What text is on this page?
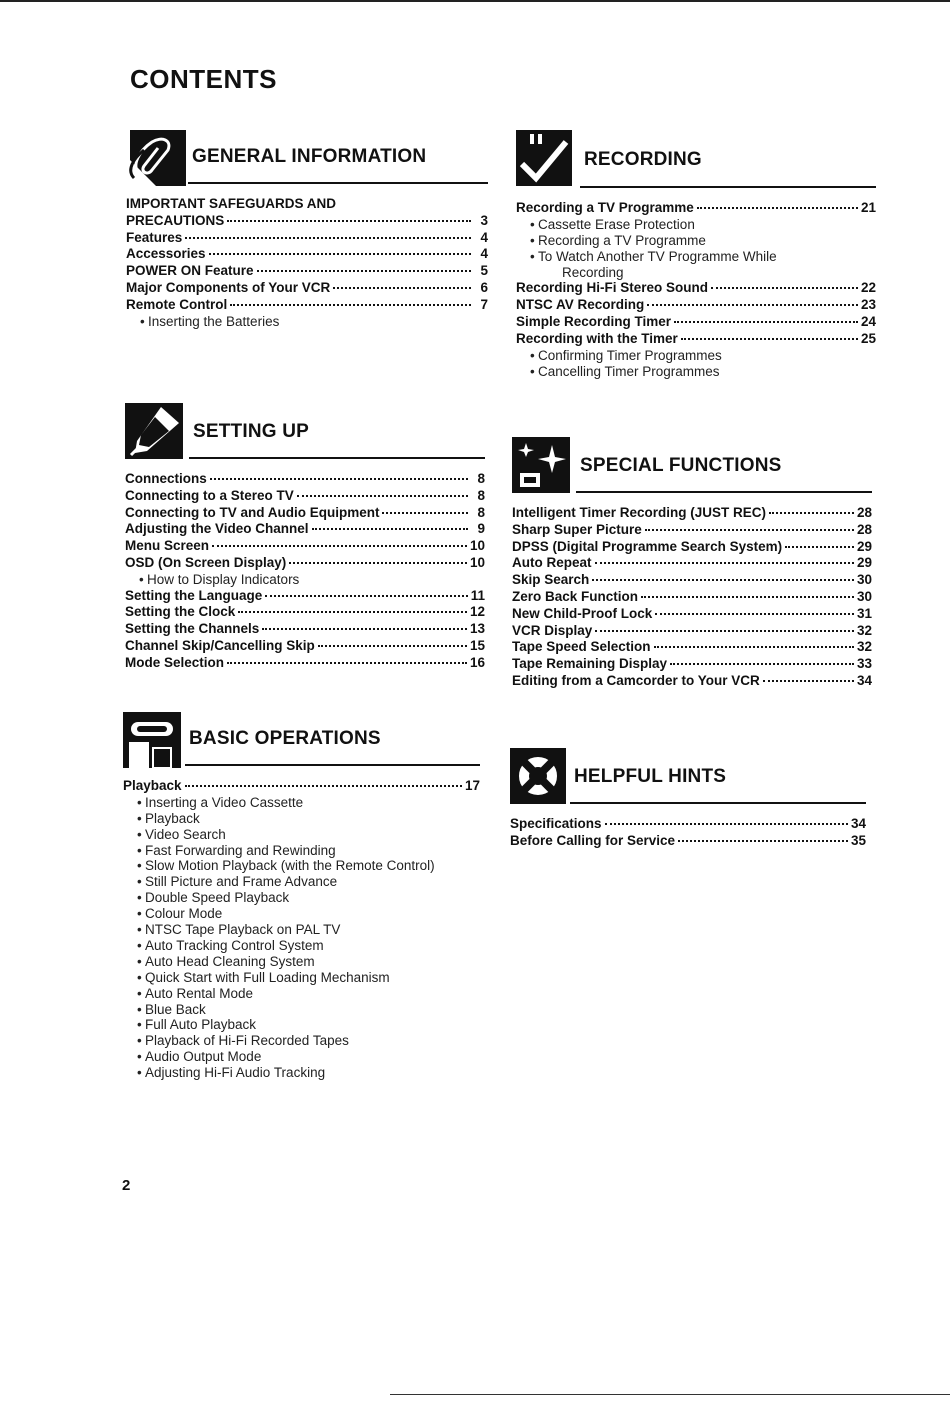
CONTENTS
GENERAL INFORMATION
IMPORTANT SAFEGUARDS AND
PRECAUTIONS	3
Features	4
Accessories	4
POWER ON Feature	5
Major Components of Your VCR	6
Remote Control	7
• Inserting the Batteries
RECORDING
Recording a TV Programme	21
• Cassette Erase Protection
• Recording a TV Programme
• To Watch Another TV Programme While
Recording
Recording Hi-Fi Stereo Sound	22
NTSC AV Recording	23
Simple Recording Timer	24
Recording with the Timer	25
• Confirming Timer Programmes
• Cancelling Timer Programmes
SETTING UP
Connections	8
Connecting to a Stereo TV	8
Connecting to TV and Audio Equipment	8
Adjusting the Video Channel	9
Menu Screen	10
OSD (On Screen Display)	10
• How to Display Indicators
Setting the Language	11
Setting the Clock	12
Setting the Channels	13
Channel Skip/Cancelling Skip	15
Mode Selection	16
SPECIAL FUNCTIONS
Intelligent Timer Recording (JUST REC)	28
Sharp Super Picture	28
DPSS (Digital Programme Search System)	29
Auto Repeat	29
Skip Search	30
Zero Back Function	30
New Child-Proof Lock	31
VCR Display	32
Tape Speed Selection	32
Tape Remaining Display	33
Editing from a Camcorder to Your VCR	34
BASIC OPERATIONS
Playback	17
• Inserting a Video Cassette
• Playback
• Video Search
• Fast Forwarding and Rewinding
• Slow Motion Playback (with the Remote Control)
• Still Picture and Frame Advance
• Double Speed Playback
• Colour Mode
• NTSC Tape Playback on PAL TV
• Auto Tracking Control System
• Auto Head Cleaning System
• Quick Start with Full Loading Mechanism
• Auto Rental Mode
• Blue Back
• Full Auto Playback
• Playback of Hi-Fi Recorded Tapes
• Audio Output Mode
• Adjusting Hi-Fi Audio Tracking
HELPFUL HINTS
Specifications	34
Before Calling for Service	35
2
